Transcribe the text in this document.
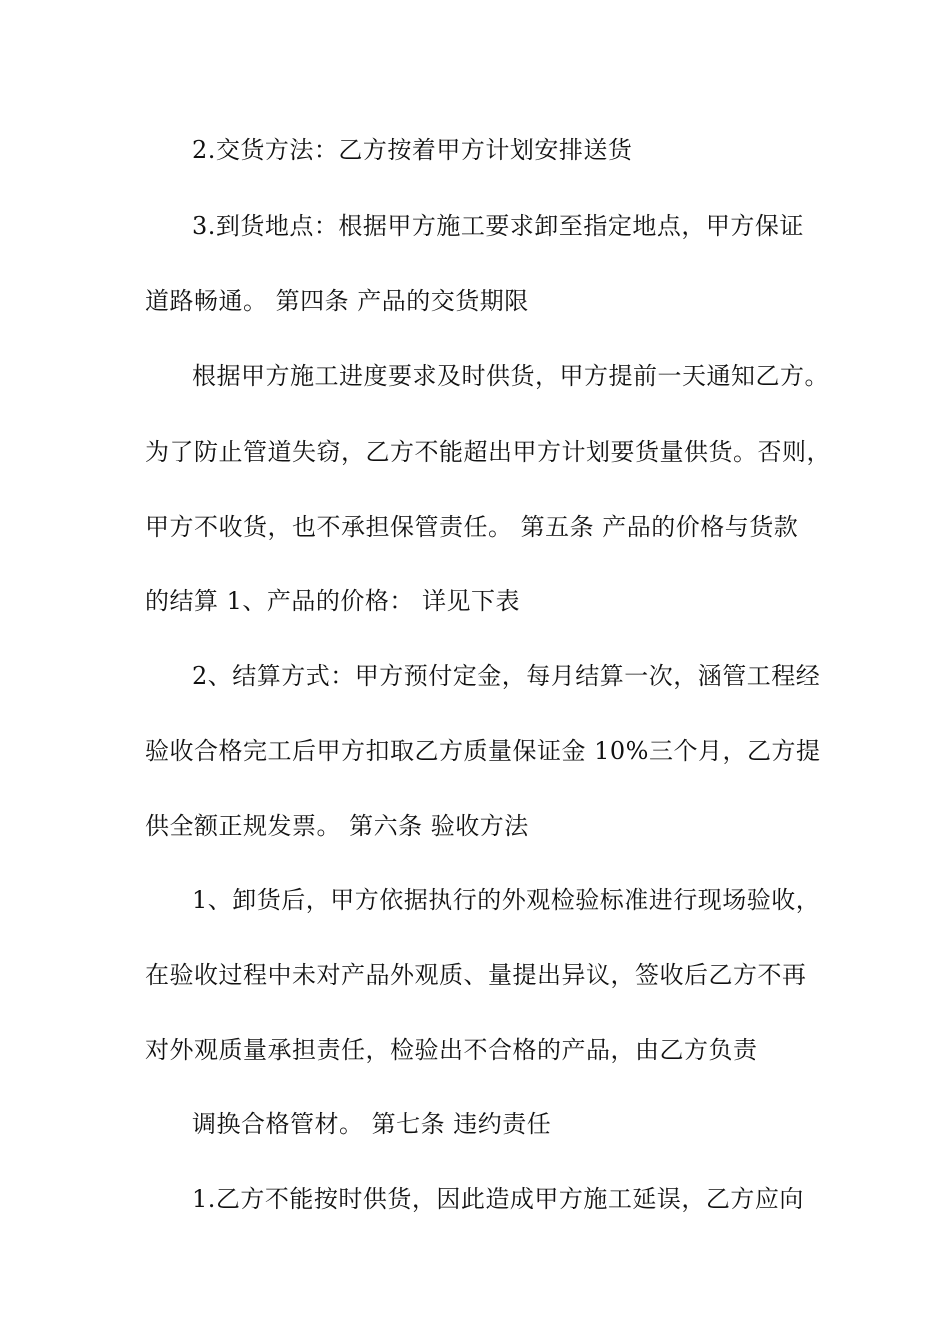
2.交货方法：乙方按着甲方计划安排送货
3.到货地点：根据甲方施工要求卸至指定地点，甲方保证
道路畅通。 第四条 产品的交货期限
根据甲方施工进度要求及时供货，甲方提前一天通知乙方。
为了防止管道失窃，乙方不能超出甲方计划要货量供货。否则，
甲方不收货，也不承担保管责任。 第五条 产品的价格与货款
的结算 1、产品的价格： 详见下表
2、结算方式：甲方预付定金，每月结算一次，涵管工程经
验收合格完工后甲方扣取乙方质量保证金 10%三个月，乙方提
供全额正规发票。 第六条 验收方法
1、卸货后，甲方依据执行的外观检验标准进行现场验收，
在验收过程中未对产品外观质、量提出异议，签收后乙方不再
对外观质量承担责任，检验出不合格的产品，由乙方负责
调换合格管材。 第七条 违约责任
1.乙方不能按时供货，因此造成甲方施工延误，乙方应向
